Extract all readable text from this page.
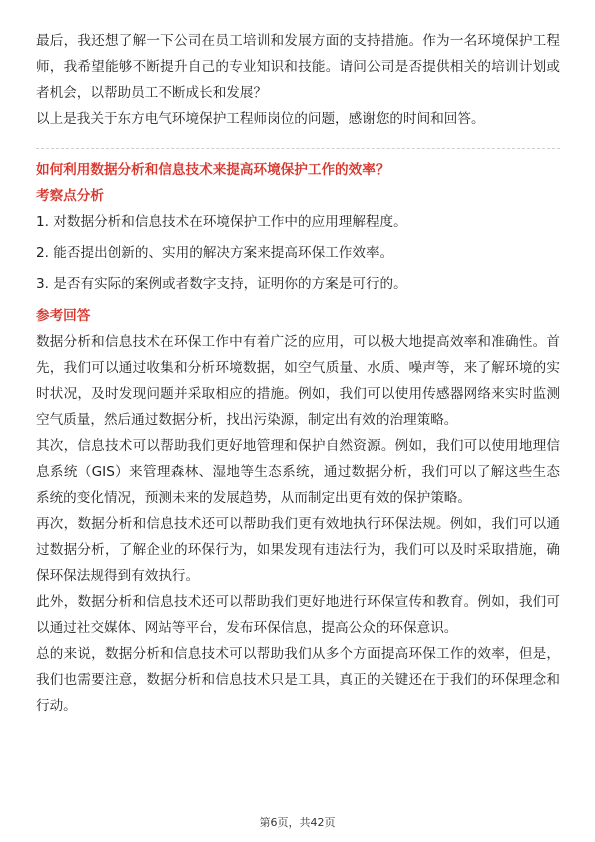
最后，我还想了解一下公司在员工培训和发展方面的支持措施。作为一名环境保护工程师，我希望能够不断提升自己的专业知识和技能。请问公司是否提供相关的培训计划或者机会，以帮助员工不断成长和发展？

以上是我关于东方电气环境保护工程师岗位的问题，感谢您的时间和回答。

如何利用数据分析和信息技术来提高环境保护工作的效率？
考察点分析
1. 对数据分析和信息技术在环境保护工作中的应用理解程度。
2. 能否提出创新的、实用的解决方案来提高环保工作效率。
3. 是否有实际的案例或者数字支持，证明你的方案是可行的。
参考回答

数据分析和信息技术在环保工作中有着广泛的应用，可以极大地提高效率和准确性。首先，我们可以通过收集和分析环境数据，如空气质量、水质、噪声等，来了解环境的实时状况，及时发现问题并采取相应的措施。例如，我们可以使用传感器网络来实时监测空气质量，然后通过数据分析，找出污染源，制定出有效的治理策略。

其次，信息技术可以帮助我们更好地管理和保护自然资源。例如，我们可以使用地理信息系统（GIS）来管理森林、湿地等生态系统，通过数据分析，我们可以了解这些生态系统的变化情况，预测未来的发展趋势，从而制定出更有效的保护策略。

再次，数据分析和信息技术还可以帮助我们更有效地执行环保法规。例如，我们可以通过数据分析，了解企业的环保行为，如果发现有违法行为，我们可以及时采取措施，确保环保法规得到有效执行。

此外，数据分析和信息技术还可以帮助我们更好地进行环保宣传和教育。例如，我们可以通过社交媒体、网站等平台，发布环保信息，提高公众的环保意识。

总的来说，数据分析和信息技术可以帮助我们从多个方面提高环保工作的效率，但是，我们也需要注意，数据分析和信息技术只是工具，真正的关键还在于我们的环保理念和行动。

第6页，共42页
